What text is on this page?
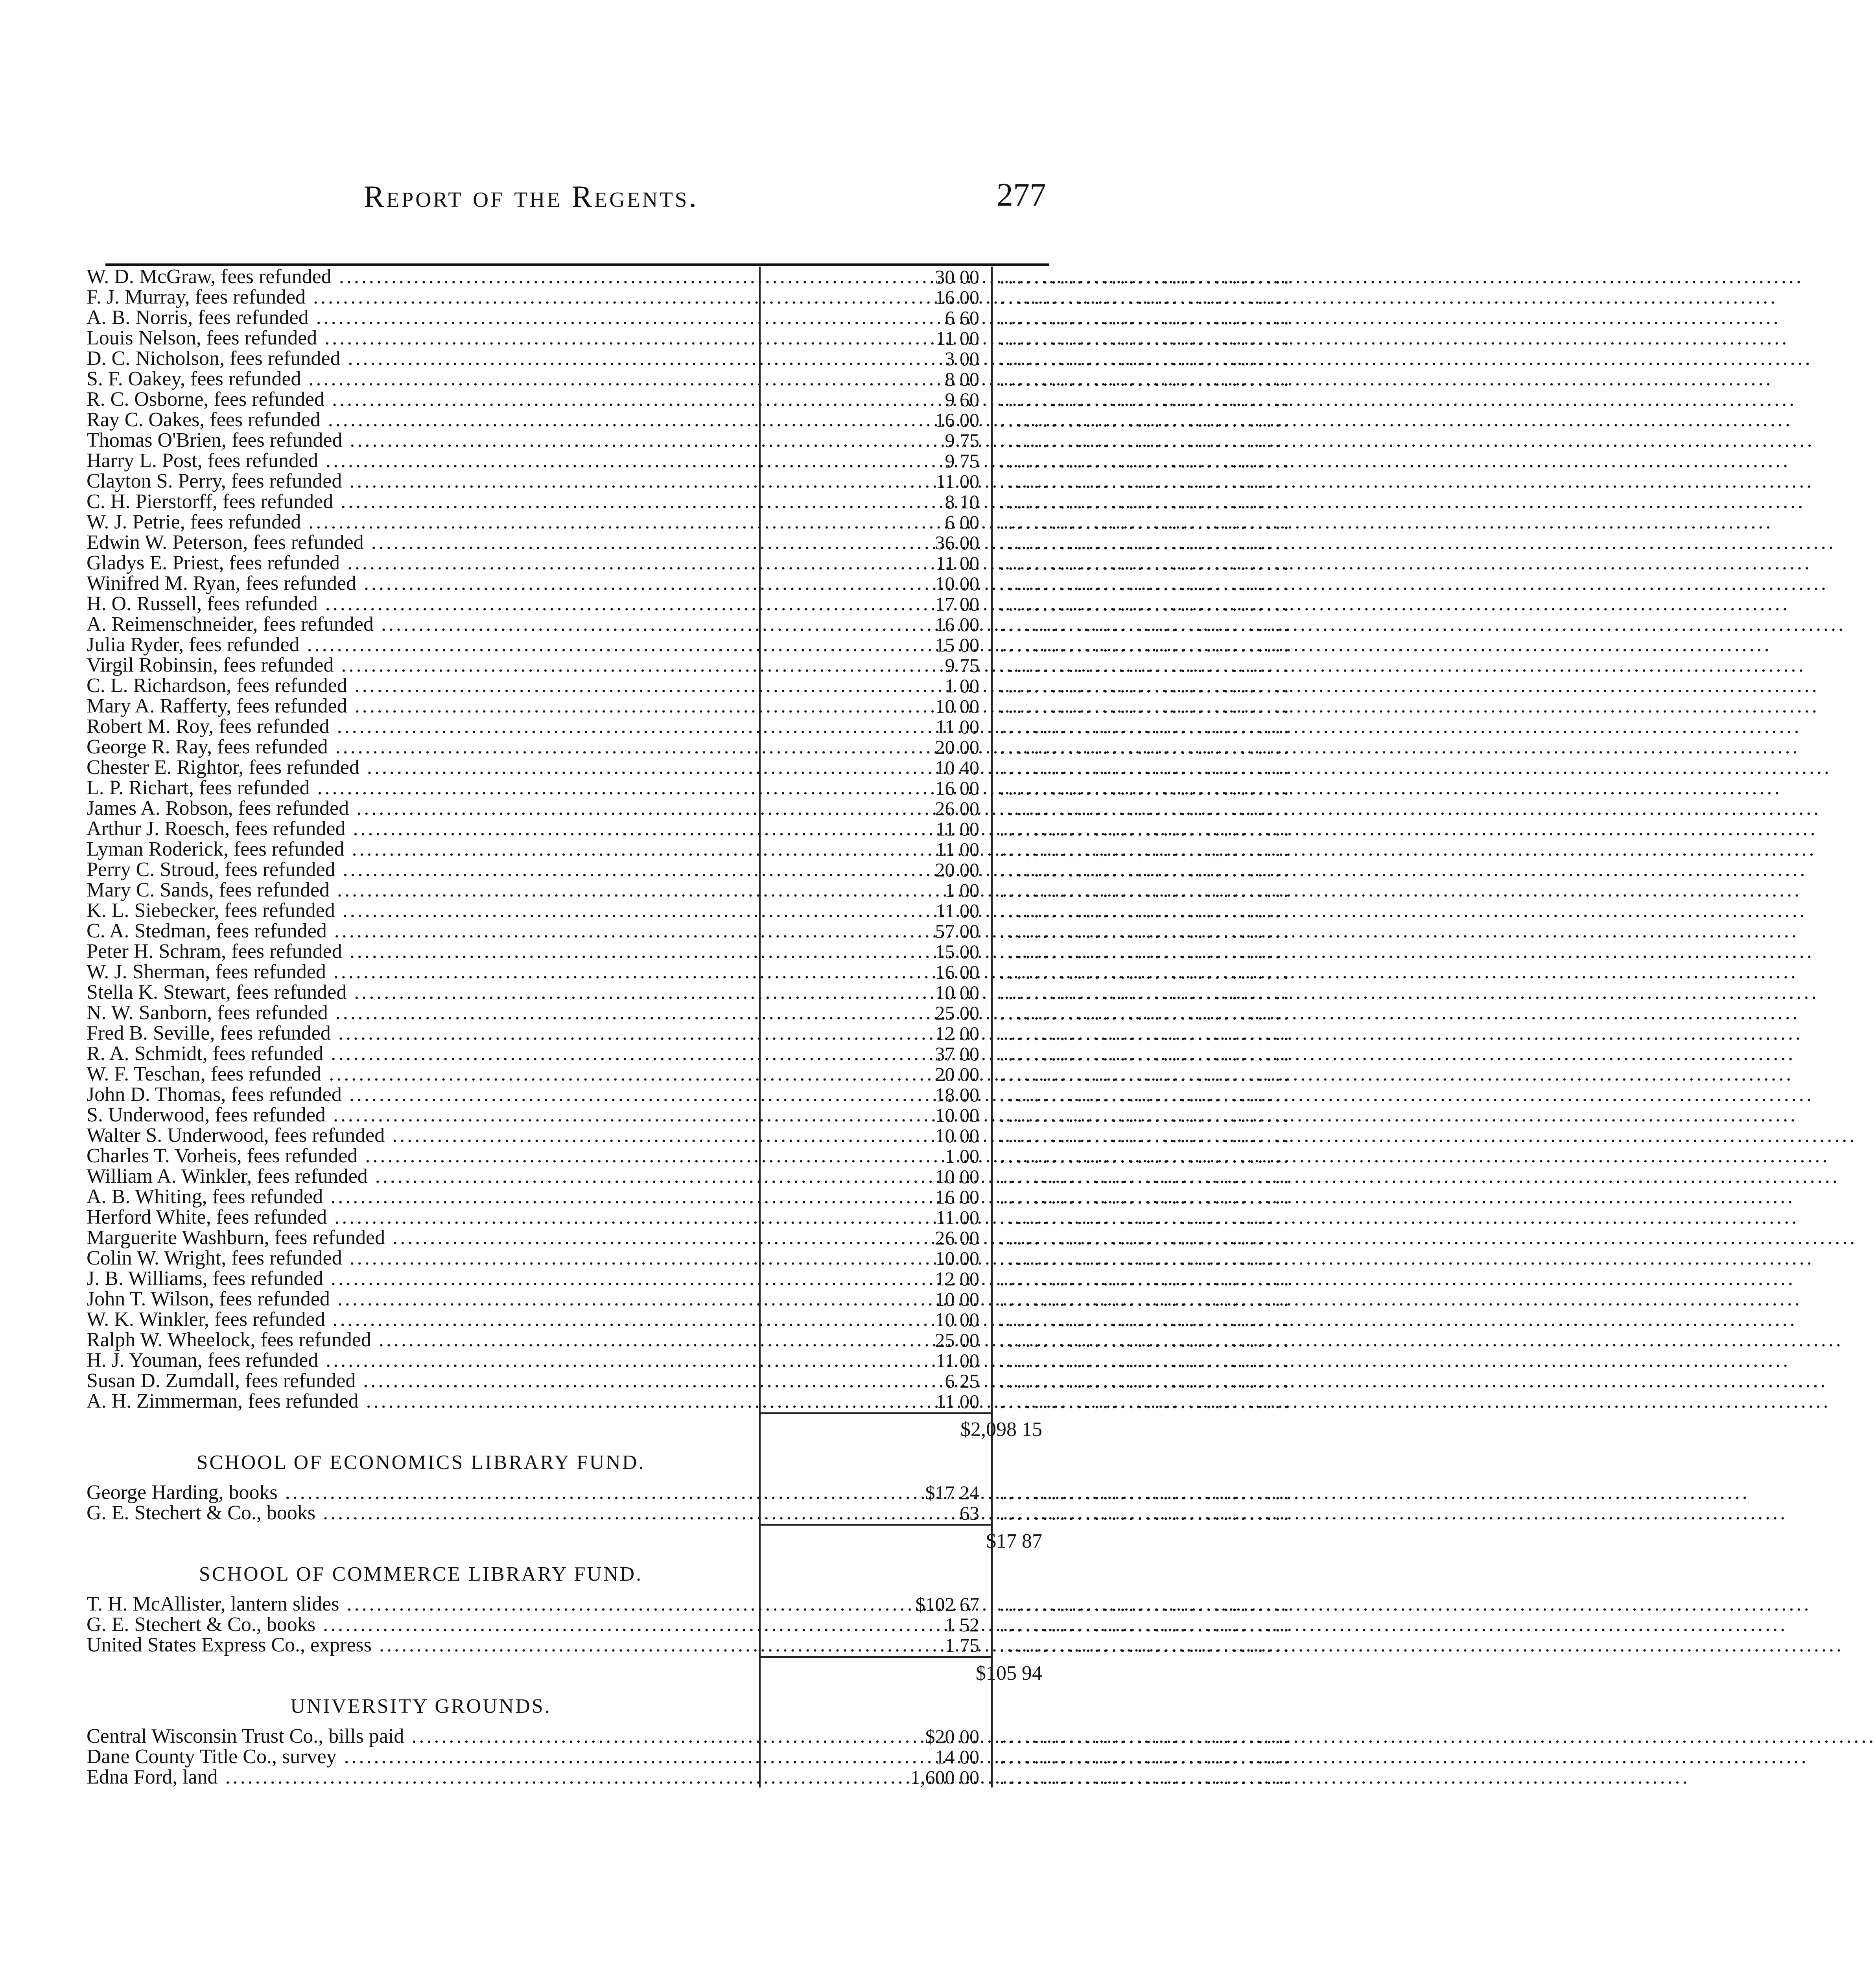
Report of the Regents.	277
W. D. McGraw, fees refunded .....	30 00 ..................................
F. J. Murray, fees refunded .....	16 00 ..................................
A. B. Norris, fees refunded .....	6 60 ..................................
Louis Nelson, fees refunded .....	11 00 ..................................
D. C. Nicholson, fees refunded .....	3 00 ..................................
S. F. Oakey, fees refunded .....	8 00 ..................................
R. C. Osborne, fees refunded .....	9 60 ..................................
Ray C. Oakes, fees refunded .....	16 00 ..................................
Thomas O'Brien, fees refunded .....	9 75 ..................................
Harry L. Post, fees refunded .....	9 75 ..................................
Clayton S. Perry, fees refunded .....	11 00 ..................................
C. H. Pierstorff, fees refunded .....	8 10 ..................................
W. J. Petrie, fees refunded .....	6 00 ..................................
Edwin W. Peterson, fees refunded .....	36 00 ..................................
Gladys E. Priest, fees refunded .....	11 00 ..................................
Winifred M. Ryan, fees refunded .....	10 00 ..................................
H. O. Russell, fees refunded .....	17 00 ..................................
A. Reimenschneider, fees refunded .....	16 00 ..................................
Julia Ryder, fees refunded .....	15 00 ..................................
Virgil Robinsin, fees refunded .....	9 75 ..................................
C. L. Richardson, fees refunded .....	1 00 ..................................
Mary A. Rafferty, fees refunded .....	10 00 ..................................
Robert M. Roy, fees refunded .....	11 00 ..................................
George R. Ray, fees refunded .....	20 00 ..................................
Chester E. Rightor, fees refunded .....	10 40 ..................................
L. P. Richart, fees refunded .....	16 00 ..................................
James A. Robson, fees refunded .....	26 00 ..................................
Arthur J. Roesch, fees refunded .....	11 00 ..................................
Lyman Roderick, fees refunded .....	11 00 ..................................
Perry C. Stroud, fees refunded .....	20 00 ..................................
Mary C. Sands, fees refunded .....	1 00 ..................................
K. L. Siebecker, fees refunded .....	11 00 ..................................
C. A. Stedman, fees refunded .....	57 00 ..................................
Peter H. Schram, fees refunded .....	15 00 ..................................
W. J. Sherman, fees refunded .....	16 00 ..................................
Stella K. Stewart, fees refunded .....	10 00 ..................................
N. W. Sanborn, fees refunded .....	25 00 ..................................
Fred B. Seville, fees refunded .....	12 00 ..................................
R. A. Schmidt, fees refunded .....	37 00 ..................................
W. F. Teschan, fees refunded .....	20 00 ..................................
John D. Thomas, fees refunded .....	18 00 ..................................
S. Underwood, fees refunded .....	10 00 ..................................
Walter S. Underwood, fees refunded .....	10 00 ..................................
Charles T. Vorheis, fees refunded .....	1 00 ..................................
William A. Winkler, fees refunded .....	10 00 ..................................
A. B. Whiting, fees refunded .....	16 00 ..................................
Herford White, fees refunded .....	11 00 ..................................
Marguerite Washburn, fees refunded .....	26 00 ..................................
Colin W. Wright, fees refunded .....	10 00 ..................................
J. B. Williams, fees refunded .....	12 00 ..................................
John T. Wilson, fees refunded .....	10 00 ..................................
W. K. Winkler, fees refunded .....	10 00 ..................................
Ralph W. Wheelock, fees refunded .....	25 00 ..................................
H. J. Youman, fees refunded .....	11 00 ..................................
Susan D. Zumdall, fees refunded .....	6 25 ..................................
A. H. Zimmerman, fees refunded .....	11 00 ..................................
$2,098 15
SCHOOL OF ECONOMICS LIBRARY FUND.
George Harding, books .....	$17 24 ..................................
G. E. Stechert & Co., books .....	63 ..................................
$17 87
SCHOOL OF COMMERCE LIBRARY FUND.
T. H. McAllister, lantern slides .....	$102 67 ..................................
G. E. Stechert & Co., books .....	1 52 ..................................
United States Express Co., express .....	1 75 ..................................
$105 94
UNIVERSITY GROUNDS.
Central Wisconsin Trust Co., bills paid .....	$20 00 ..................................
Dane County Title Co., survey .....	14 00 ..................................
Edna Ford, land .....	1,600 00 ..................................
